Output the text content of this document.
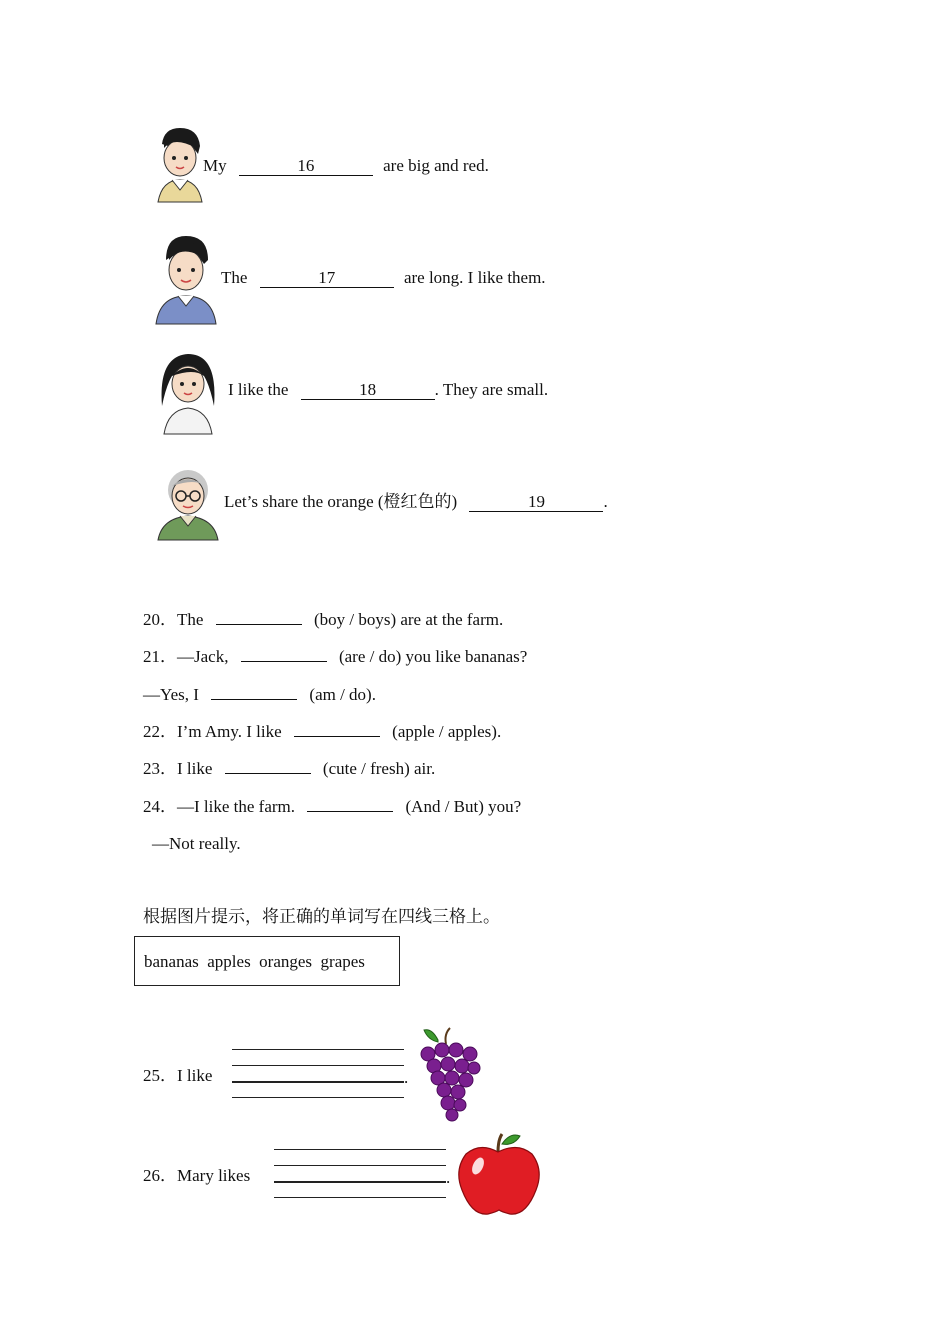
My	16	are big and red.
The	17	are long. I like them.
I like the	18	. They are small.
Let’s share the orange (橙红色的)	19	.
20．The	(boy / boys) are at the farm.
21．—Jack,	(are / do) you like bananas?
—Yes, I	(am / do).
22．I’m Amy. I like	(apple / apples).
23．I like	(cute / fresh) air.
24．—I like the farm.	(And / But) you?
—Not really.
根据图片提示，将正确的单词写在四线三格上。
bananas  apples  oranges  grapes
25．I like	.
26．Mary likes	.
